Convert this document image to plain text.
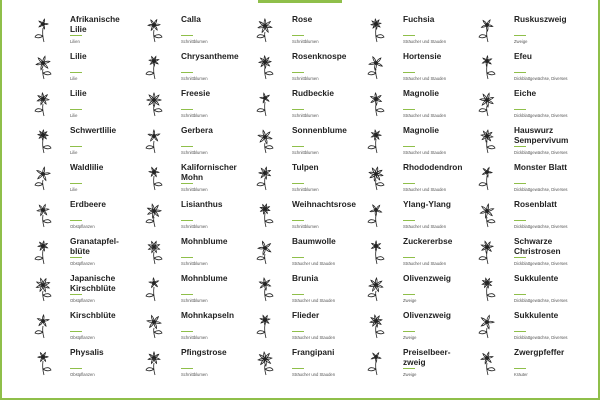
Afrikanische Lilie
Lilien
Calla
Schnittblumen
Rose
Schnittblumen
Fuchsia
Sträucher und Stauden
Ruskuszweig
Zweige
Lilie
Lilie
Chrysantheme
Schnittblumen
Rosenknospe
Schnittblumen
Hortensie
Sträucher und Stauden
Efeu
Dickblattgewächse, Diverses
Lilie
Lilie
Freesie
Schnittblumen
Rudbeckie
Schnittblumen
Magnolie
Sträucher und Stauden
Eiche
Dickblattgewächse, Diverses
Schwertlilie
Lilie
Gerbera
Schnittblumen
Sonnenblume
Schnittblumen
Magnolie
Sträucher und Stauden
Hauswurz Sempervivum
Dickblattgewächse, Diverses
Waldlilie
Lilie
Kalifornischer Mohn
Schnittblumen
Tulpen
Schnittblumen
Rhododendron
Sträucher und Stauden
Monster Blatt
Dickblattgewächse, Diverses
Erdbeere
Obstpflanzen
Lisianthus
Schnittblumen
Weihnachtsrose
Schnittblumen
Ylang-Ylang
Sträucher und Stauden
Rosenblatt
Dickblattgewächse, Diverses
Granatapfel-blüte
Obstpflanzen
Mohnblume
Schnittblumen
Baumwolle
Sträucher und Stauden
Zuckererbse
Sträucher und Stauden
Schwarze Christrosen
Dickblattgewächse, Diverses
Japanische Kirschblüte
Obstpflanzen
Mohnblume
Schnittblumen
Brunia
Sträucher und Stauden
Olivenzweig
Zweige
Sukkulente
Dickblattgewächse, Diverses
Kirschblüte
Obstpflanzen
Mohnkapseln
Schnittblumen
Flieder
Sträucher und Stauden
Olivenzweig
Zweige
Sukkulente
Dickblattgewächse, Diverses
Physalis
Obstpflanzen
Pfingstrose
Schnittblumen
Frangipani
Sträucher und Stauden
Preiselbeer-zweig
Zweige
Zwergpfeffer
Kräuter
